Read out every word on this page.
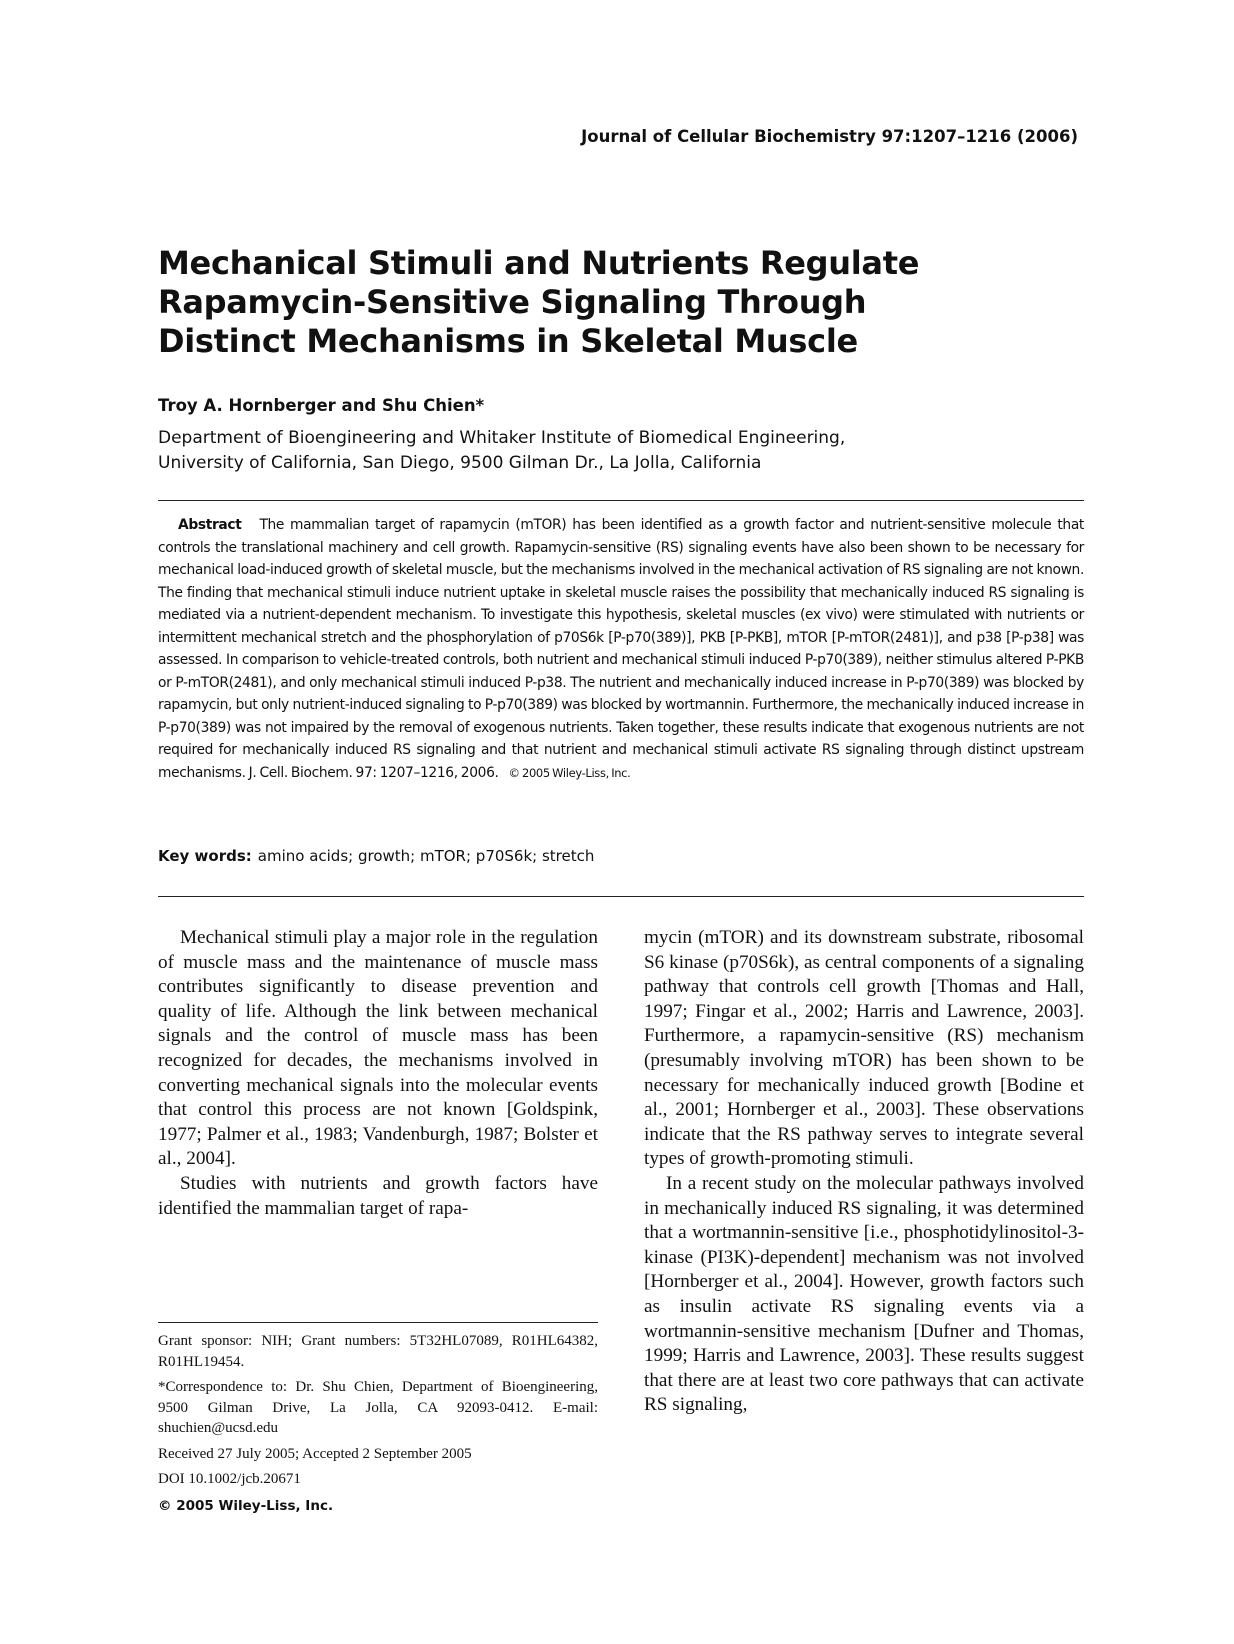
Journal of Cellular Biochemistry 97:1207–1216 (2006)
Mechanical Stimuli and Nutrients Regulate
Rapamycin-Sensitive Signaling Through
Distinct Mechanisms in Skeletal Muscle
Troy A. Hornberger and Shu Chien*
Department of Bioengineering and Whitaker Institute of Biomedical Engineering,
University of California, San Diego, 9500 Gilman Dr., La Jolla, California
Abstract The mammalian target of rapamycin (mTOR) has been identified as a growth factor and nutrient-sensitive molecule that controls the translational machinery and cell growth. Rapamycin-sensitive (RS) signaling events have also been shown to be necessary for mechanical load-induced growth of skeletal muscle, but the mechanisms involved in the mechanical activation of RS signaling are not known. The finding that mechanical stimuli induce nutrient uptake in skeletal muscle raises the possibility that mechanically induced RS signaling is mediated via a nutrient-dependent mechanism. To investigate this hypothesis, skeletal muscles (ex vivo) were stimulated with nutrients or intermittent mechanical stretch and the phosphorylation of p70S6k [P-p70(389)], PKB [P-PKB], mTOR [P-mTOR(2481)], and p38 [P-p38] was assessed. In comparison to vehicle-treated controls, both nutrient and mechanical stimuli induced P-p70(389), neither stimulus altered P-PKB or P-mTOR(2481), and only mechanical stimuli induced P-p38. The nutrient and mechanically induced increase in P-p70(389) was blocked by rapamycin, but only nutrient-induced signaling to P-p70(389) was blocked by wortmannin. Furthermore, the mechanically induced increase in P-p70(389) was not impaired by the removal of exogenous nutrients. Taken together, these results indicate that exogenous nutrients are not required for mechanically induced RS signaling and that nutrient and mechanical stimuli activate RS signaling through distinct upstream mechanisms. J. Cell. Biochem. 97: 1207–1216, 2006. © 2005 Wiley-Liss, Inc.
Key words: amino acids; growth; mTOR; p70S6k; stretch

Mechanical stimuli play a major role in the regulation of muscle mass and the maintenance of muscle mass contributes significantly to disease prevention and quality of life. Although the link between mechanical signals and the control of muscle mass has been recognized for decades, the mechanisms involved in converting mechanical signals into the molecular events that control this process are not known [Goldspink, 1977; Palmer et al., 1983; Vandenburgh, 1987; Bolster et al., 2004].

Studies with nutrients and growth factors have identified the mammalian target of rapa-

mycin (mTOR) and its downstream substrate, ribosomal S6 kinase (p70S6k), as central components of a signaling pathway that controls cell growth [Thomas and Hall, 1997; Fingar et al., 2002; Harris and Lawrence, 2003]. Furthermore, a rapamycin-sensitive (RS) mechanism (presumably involving mTOR) has been shown to be necessary for mechanically induced growth [Bodine et al., 2001; Hornberger et al., 2003]. These observations indicate that the RS pathway serves to integrate several types of growth-promoting stimuli.

In a recent study on the molecular pathways involved in mechanically induced RS signaling, it was determined that a wortmannin-sensitive [i.e., phosphotidylinositol-3-kinase (PI3K)-dependent] mechanism was not involved [Hornberger et al., 2004]. However, growth factors such as insulin activate RS signaling events via a wortmannin-sensitive mechanism [Dufner and Thomas, 1999; Harris and Lawrence, 2003]. These results suggest that there are at least two core pathways that can activate RS signaling,

Grant sponsor: NIH; Grant numbers: 5T32HL07089, R01HL64382, R01HL19454.

*Correspondence to: Dr. Shu Chien, Department of Bioengineering, 9500 Gilman Drive, La Jolla, CA 92093-0412. E-mail: shuchien@ucsd.edu

Received 27 July 2005; Accepted 2 September 2005

DOI 10.1002/jcb.20671

© 2005 Wiley-Liss, Inc.
